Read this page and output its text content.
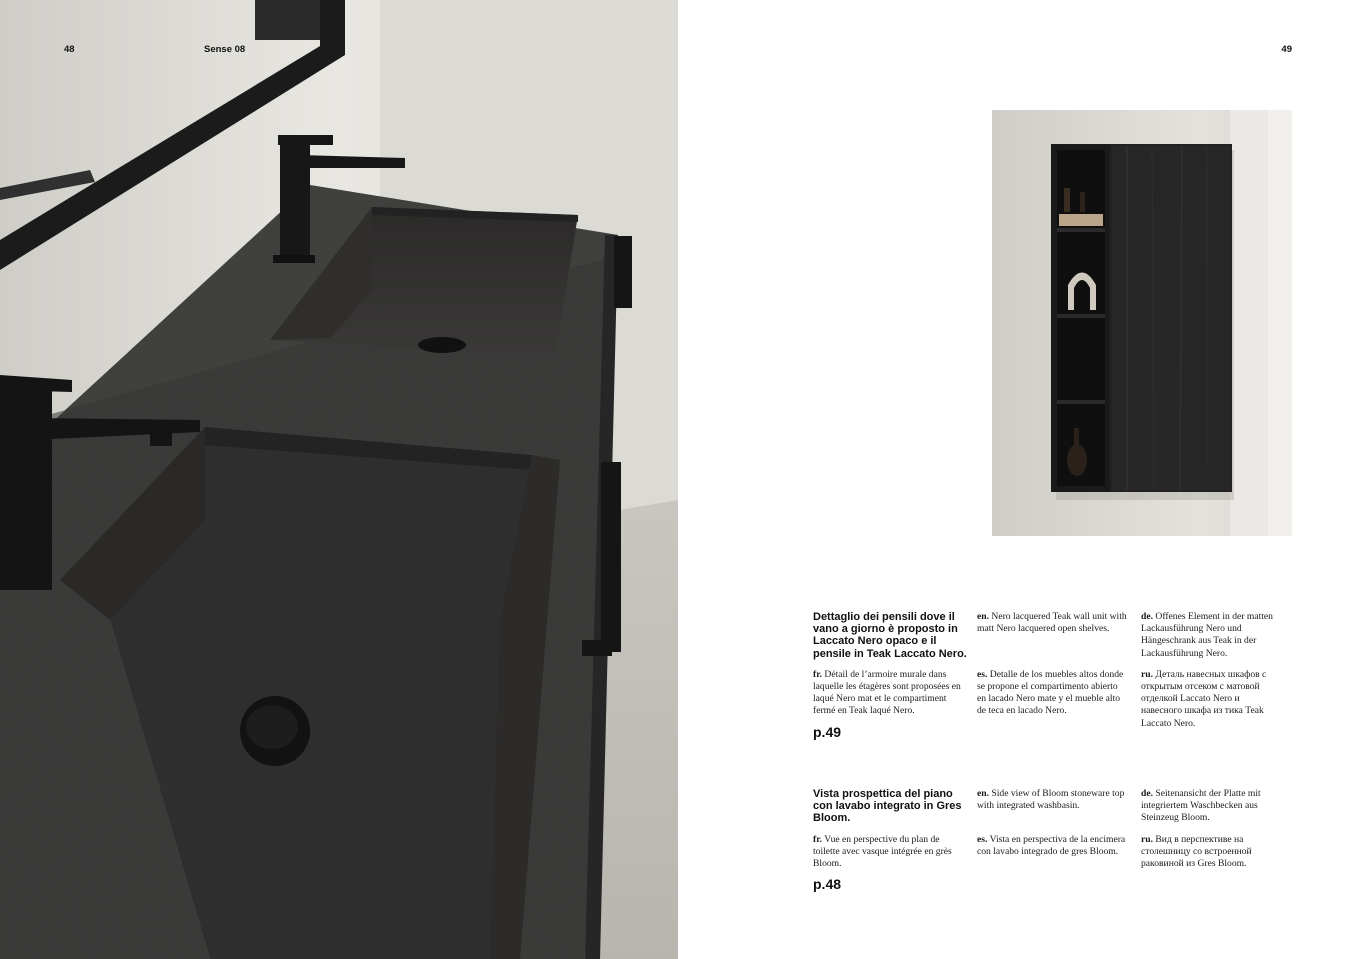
48	Sense 08	49
Dettaglio dei pensili dove il vano a giorno è proposto in Laccato Nero opaco e il pensile in Teak Laccato Nero.
en. Nero lacquered Teak wall unit with matt Nero lacquered open shelves.
de. Offenes Element in der matten Lackausführung Nero und Hängeschrank aus Teak in der Lackausführung Nero.
fr. Détail de l’armoire murale dans laquelle les étagères sont proposées en laqué Nero mat et le compartiment fermé en Teak laqué Nero.
p.49
es. Detalle de los muebles altos donde se propone el compartimento abierto en lacado Nero mate y el mueble alto de teca en lacado Nero.
ru. Деталь навесных шкафов с открытым отсеком с матовой отделкой Laccato Nero и навесного шкафа из тика Teak Laccato Nero.
Vista prospettica del piano con lavabo integrato in Gres Bloom.
en. Side view of Bloom stoneware top with integrated washbasin.
de. Seitenansicht der Platte mit integriertem Waschbecken aus Steinzeug Bloom.
fr. Vue en perspective du plan de toilette avec vasque intégrée en grès Bloom.
p.48
es. Vista en perspectiva de la encimera con lavabo integrado de gres Bloom.
ru. Вид в перспективе на столешницу со встроенной раковиной из Gres Bloom.
